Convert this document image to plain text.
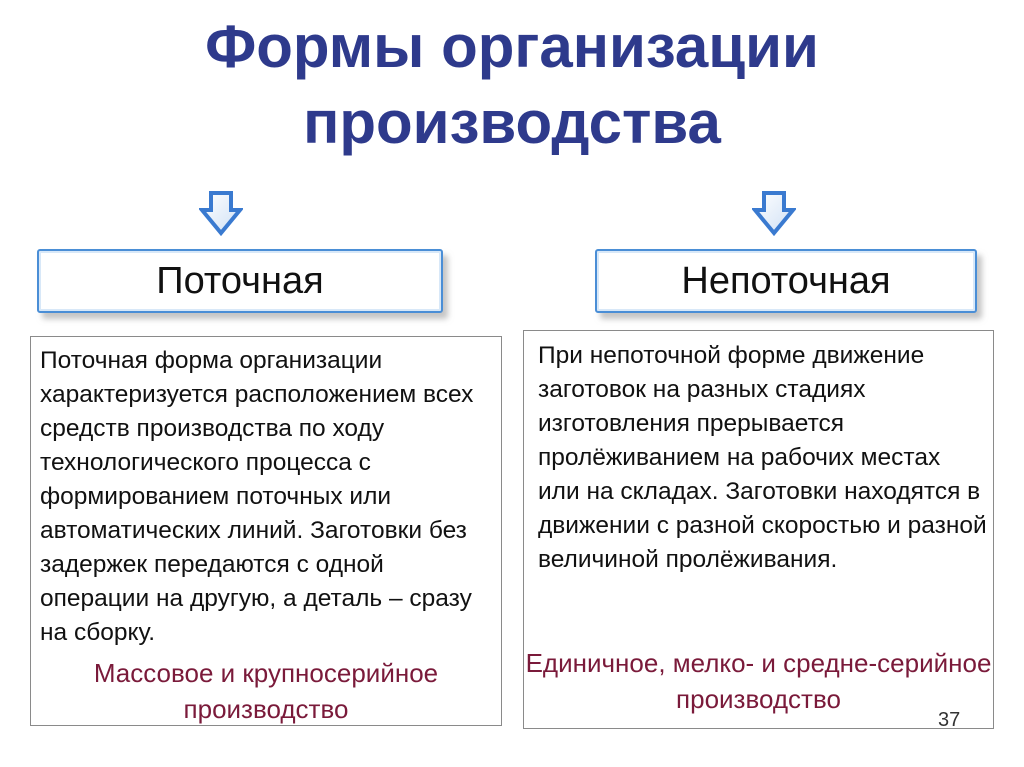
Формы организации
производства
Поточная	Непоточная

Поточная форма организации характеризуется расположением всех средств производства по ходу технологического процесса с формированием поточных или автоматических линий. Заготовки без задержек передаются с одной операции на другую, а деталь – сразу на сборку.

Массовое и крупносерийное производство

При непоточной форме движение заготовок на разных стадиях изготовления прерывается пролёживанием на рабочих местах или на складах. Заготовки находятся в движении с разной скоростью и разной величиной пролёживания.

Единичное, мелко- и средне-серийное производство

37
